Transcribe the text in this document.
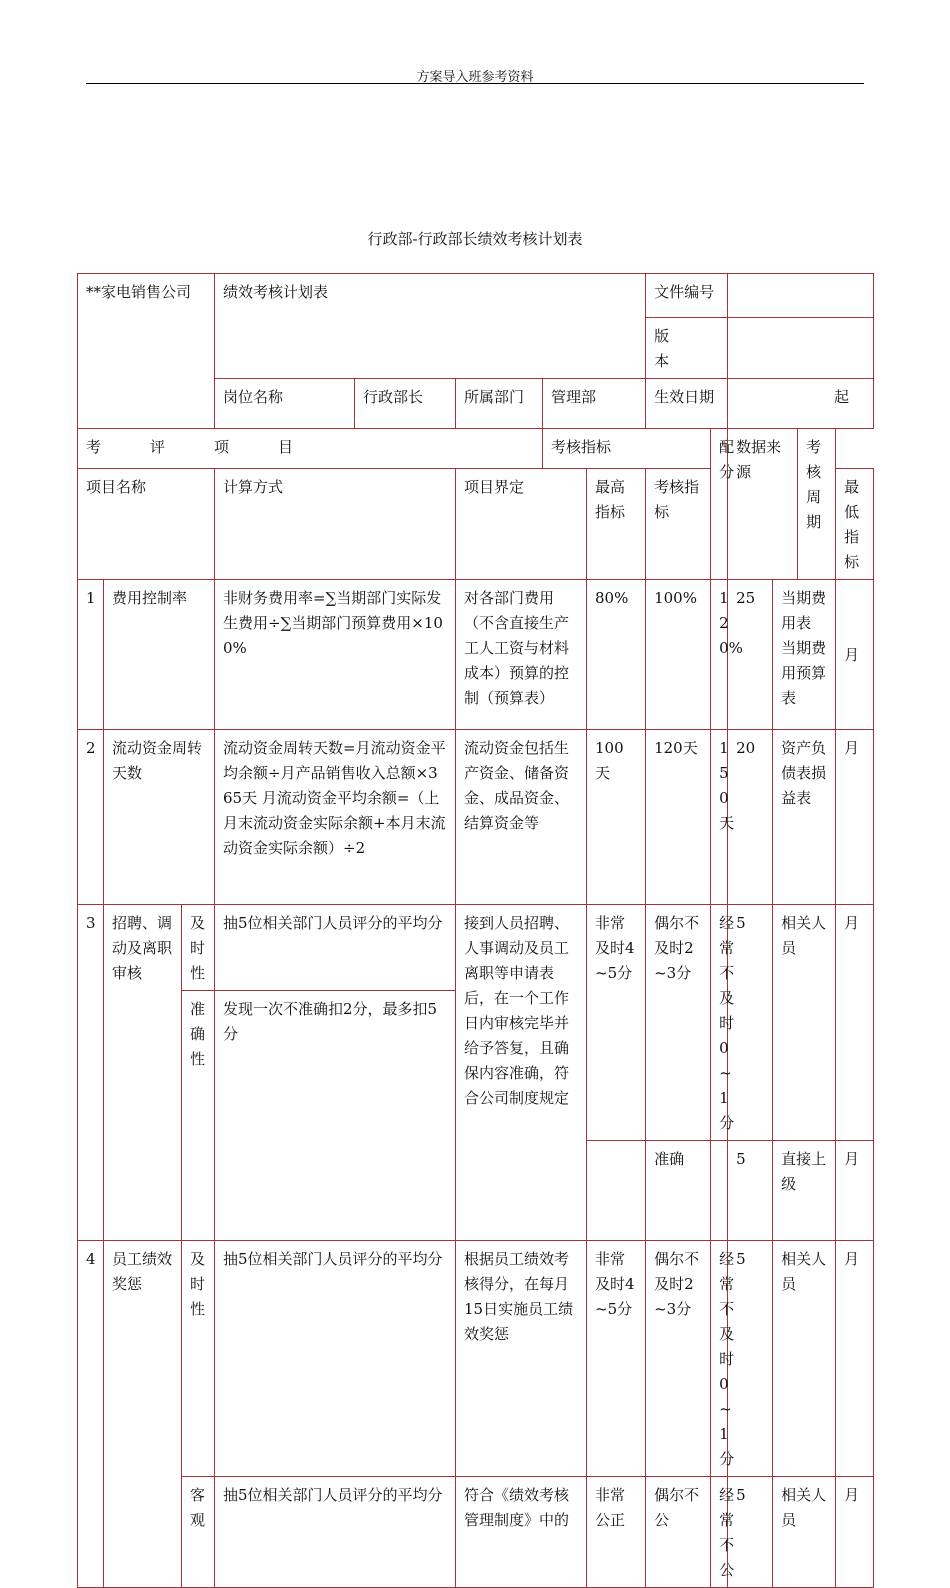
方案导入班参考资料
行政部-行政部长绩效考核计划表
**家电销售公司			绩效考核计划表					文件编号					
								版　　　本					
			岗位名称	行政部长	所属部门	管理部		生效日期		起			
考　　　评　　　项　　　目						考核指标			配分	数据来源		考核周期	
项目名称			计算方式		项目界定		最高指标	考核指标					最低指标
1	费用控制率		非财务费用率=∑当期部门实际发生费用÷∑当期部门预算费用×100%		对各部门费用（不含直接生产工人工资与材料成本）预算的控制（预算表）		80%	100%	120%	25	当期费用表 当期费用预算表		月
2	流动资金周转天数		流动资金周转天数=月流动资金平均余额÷月产品销售收入总额×365天 月流动资金平均余额=（上月末流动资金实际余额+本月末流动资金实际余额）÷2		流动资金包括生产资金、储备资金、成品资金、结算资金等		100天	120天	150天	20	资产负债表损益表		月
3	招聘、调动及离职审核	及时性	抽5位相关部门人员评分的平均分		接到人员招聘、人事调动及员工离职等申请表后，在一个工作日内审核完毕并给予答复，且确保内容准确，符合公司制度规定		非常及时4~5分	偶尔不及时2~3分	经常不及时0~1分	5	相关人员		月
		准确性	发现一次不准确扣2分，最多扣5分										
								准确		5	直接上级		月
4	员工绩效奖惩	及时性	抽5位相关部门人员评分的平均分		根据员工绩效考核得分，在每月15日实施员工绩效奖惩		非常及时4~5分	偶尔不及时2~3分	经常不及时0~1分	5	相关人员		月
		客观	抽5位相关部门人员评分的平均分		符合《绩效考核管理制度》中的		非常公正	偶尔不公	经常不公	5	相关人员		月
